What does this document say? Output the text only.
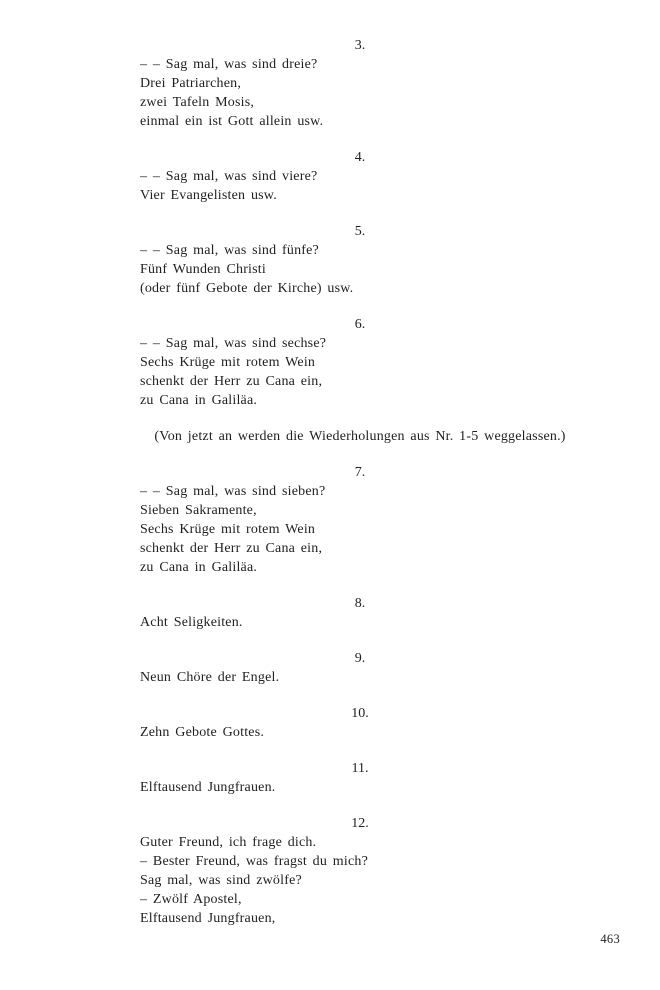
3.
– – Sag mal, was sind dreie?
Drei Patriarchen,
zwei Tafeln Mosis,
einmal ein ist Gott allein usw.
4.
– – Sag mal, was sind viere?
Vier Evangelisten usw.
5.
– – Sag mal, was sind fünfe?
Fünf Wunden Christi
(oder fünf Gebote der Kirche) usw.
6.
– – Sag mal, was sind sechse?
Sechs Krüge mit rotem Wein
schenkt der Herr zu Cana ein,
zu Cana in Galiläa.
(Von jetzt an werden die Wiederholungen aus Nr. 1-5 weggelassen.)
7.
– – Sag mal, was sind sieben?
Sieben Sakramente,
Sechs Krüge mit rotem Wein
schenkt der Herr zu Cana ein,
zu Cana in Galiläa.
8.
Acht Seligkeiten.
9.
Neun Chöre der Engel.
10.
Zehn Gebote Gottes.
11.
Elftausend Jungfrauen.
12.
Guter Freund, ich frage dich.
– Bester Freund, was fragst du mich?
Sag mal, was sind zwölfe?
– Zwölf Apostel,
Elftausend Jungfrauen,
463
